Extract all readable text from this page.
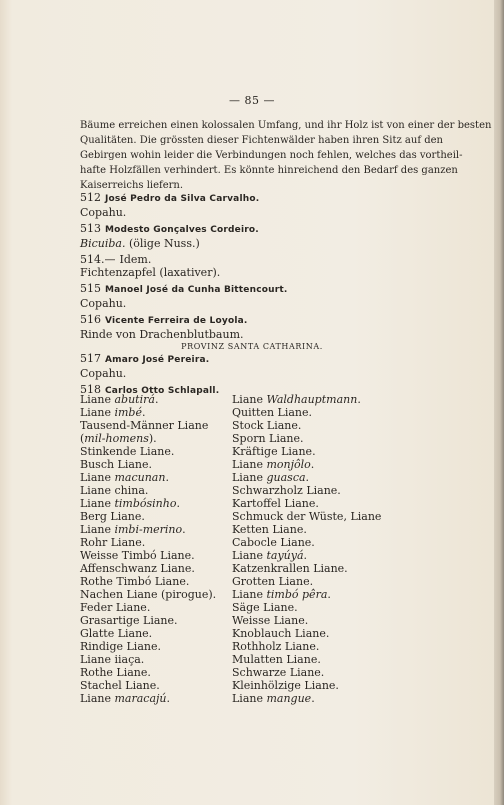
— 85 —
Bäume erreichen einen kolossalen Umfang, und ihr Holz ist von einer der besten
Qualitäten. Die grössten dieser Fichtenwälder haben ihren Sitz auf den
Gebirgen wohin leider die Verbindungen noch fehlen, welches das vortheil-
hafte Holzfällen verhindert. Es könnte hinreichend den Bedarf des ganzen
Kaiserreichs liefern.
512 José Pedro da Silva Carvalho.
Copahu.
513 Modesto Gonçalves Cordeiro.
Bicuiba. (ölige Nuss.)
514.— Idem.
Fichtenzapfel (laxativer).
515 Manoel José da Cunha Bittencourt.
Copahu.
516 Vicente Ferreira de Loyola.
Rinde von Drachenblutbaum.
PROVINZ SANTA CATHARINA.
517 Amaro José Pereira.
Copahu.
518 Carlos Otto Schlapall.
Liane abutirá.
Liane imbé.
Tausend-Männer Liane
(mil-homens).
Stinkende Liane.
Busch Liane.
Liane macunan.
Liane china.
Liane timbósinho.
Berg Liane.
Liane imbi-merino.
Rohr Liane.
Weisse Timbó Liane.
Affenschwanz Liane.
Rothe Timbó Liane.
Nachen Liane (pirogue).
Feder Liane.
Grasartige Liane.
Glatte Liane.
Rindige Liane.
Liane iiaça.
Rothe Liane.
Stachel Liane.
Liane maracajú.
Liane Waldhauptmann.
Quitten Liane.
Stock Liane.
Sporn Liane.
Kräftige Liane.
Liane monjôlo.
Liane guasca.
Schwarzholz Liane.
Kartoffel Liane.
Schmuck der Wüste, Liane
Ketten Liane.
Cabocle Liane.
Liane tayúyá.
Katzenkrallen Liane.
Grotten Liane.
Liane timbó pêra.
Säge Liane.
Weisse Liane.
Knoblauch Liane.
Rothholz Liane.
Mulatten Liane.
Schwarze Liane.
Kleinhölzige Liane.
Liane mangue.
